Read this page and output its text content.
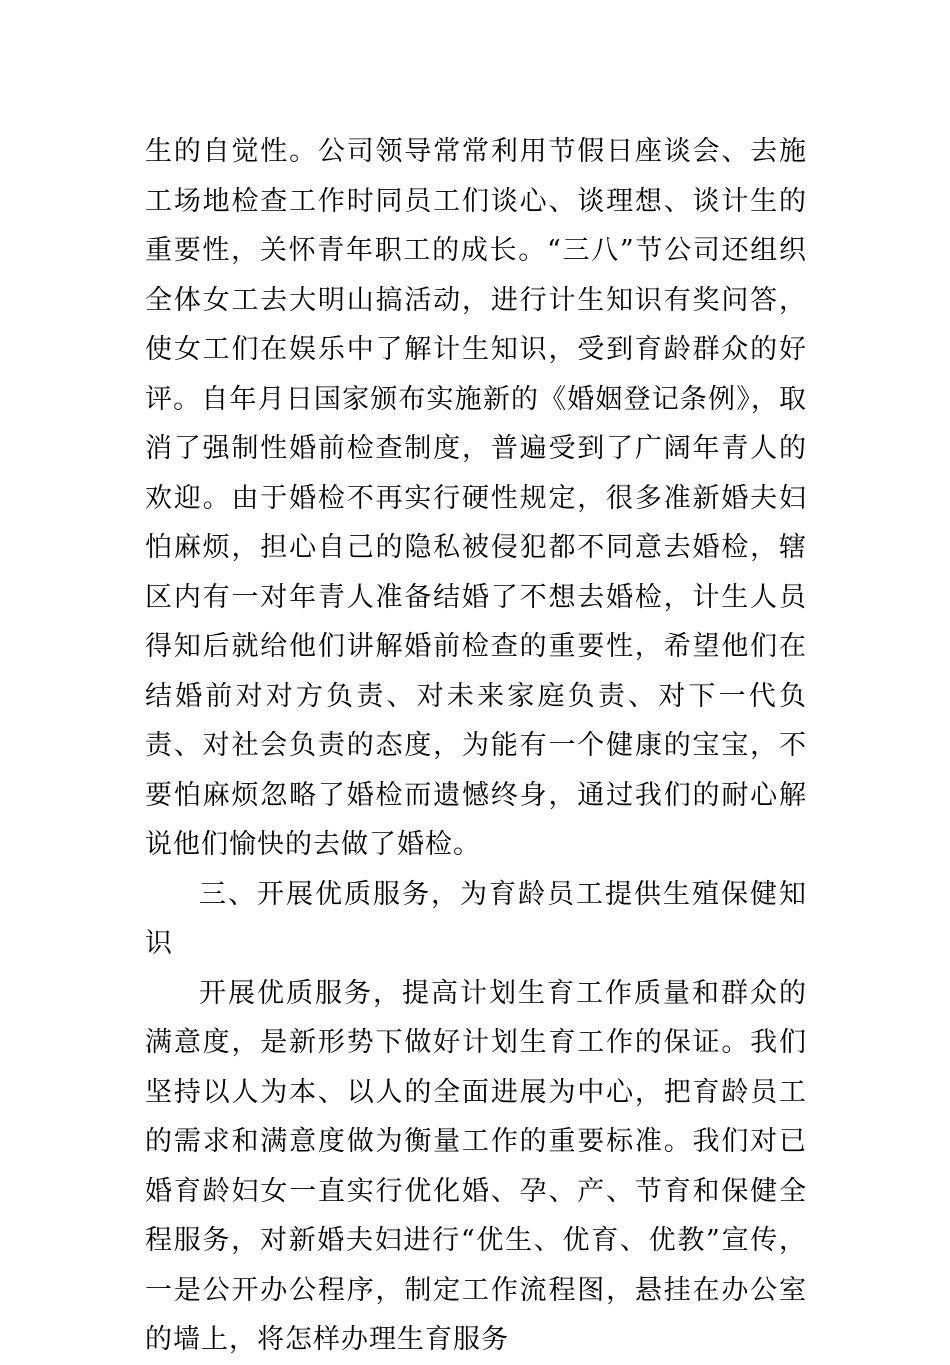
生的自觉性。公司领导常常利用节假日座谈会、去施工场地检查工作时同员工们谈心、谈理想、谈计生的重要性，关怀青年职工的成长。“三八”节公司还组织全体女工去大明山搞活动，进行计生知识有奖问答，使女工们在娱乐中了解计生知识，受到育龄群众的好评。自年月日国家颁布实施新的《婚姻登记条例》，取消了强制性婚前检查制度，普遍受到了广阔年青人的欢迎。由于婚检不再实行硬性规定，很多准新婚夫妇怕麻烦，担心自己的隐私被侵犯都不同意去婚检，辖区内有一对年青人准备结婚了不想去婚检，计生人员得知后就给他们讲解婚前检查的重要性，希望他们在结婚前对对方负责、对未来家庭负责、对下一代负责、对社会负责的态度，为能有一个健康的宝宝，不要怕麻烦忽略了婚检而遗憾终身，通过我们的耐心解说他们愉快的去做了婚检。

三、开展优质服务，为育龄员工提供生殖保健知识

开展优质服务，提高计划生育工作质量和群众的满意度，是新形势下做好计划生育工作的保证。我们坚持以人为本、以人的全面进展为中心，把育龄员工的需求和满意度做为衡量工作的重要标准。我们对已婚育龄妇女一直实行优化婚、孕、产、节育和保健全程服务，对新婚夫妇进行“优生、优育、优教”宣传，一是公开办公程序，制定工作流程图，悬挂在办公室的墙上，将怎样办理生育服务
